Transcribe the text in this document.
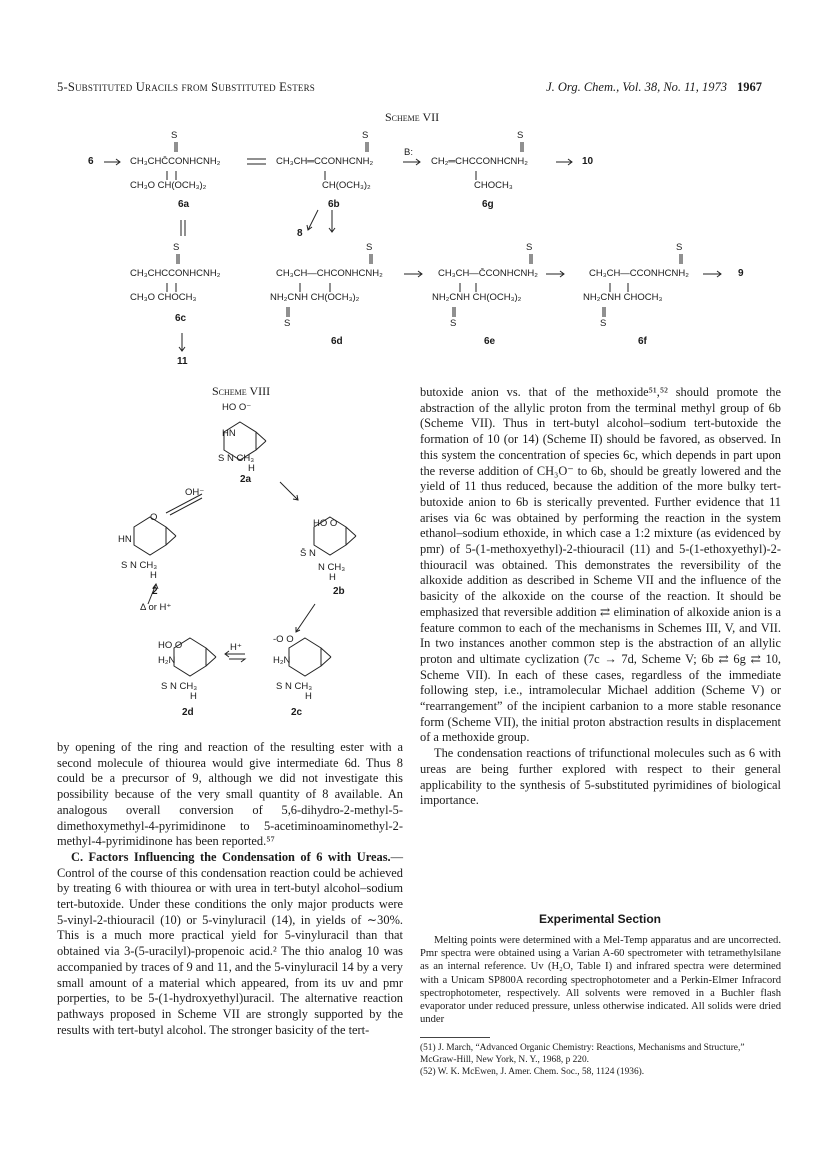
5-Substituted Uracils from Substituted Esters	J. Org. Chem., Vol. 38, No. 11, 1973 1967
Scheme VII
6
S	S	S
S	S	S	S
S	S	S
CH₃CHC̄CONHCNH₂
CH₃O CH(OCH₃)₂
6a
CH₃CH═CCONHCNH₂
CH(OCH₃)₂
6b
B:
CH₂═CHCCONHCNH₂
CHOCH₃
6g
10
8
CH₃CHCCONHCNH₂
CH₃O CHOCH₃
6c
11
CH₃CH—CHCONHCNH₂
NH₂CNH CH(OCH₃)₂
6d
CH₃CH—C̄CONHCNH₂
NH₂CNH CH(OCH₃)₂
6e
CH₃CH—CCONHCNH₂
NH₂CNH CHOCH₃
6f
9
Scheme VIII
HO O⁻
HN
S N CH₃
H
2a
OH⁻
O
HN
S N CH₃
H
2
HO O
S̄ N
N CH₃
H
2b
Δ or H⁺
HO O
H₂N
S N CH₃
H
2d
H⁺
-O O
H₂N
S N CH₃
H
2c

by opening of the ring and reaction of the resulting ester with a second molecule of thiourea would give intermediate 6d. Thus 8 could be a precursor of 9, although we did not investigate this possibility because of the very small quantity of 8 available. An analogous overall conversion of 5,6-dihydro-2-methyl-5-dimethoxymethyl-4-pyrimidinone to 5-acetiminoaminomethyl-2-methyl-4-pyrimidinone has been reported.⁵⁷

C. Factors Influencing the Condensation of 6 with Ureas.—Control of the course of this condensation reaction could be achieved by treating 6 with thiourea or with urea in tert-butyl alcohol–sodium tert-butoxide. Under these conditions the only major products were 5-vinyl-2-thiouracil (10) or 5-vinyluracil (14), in yields of ∼30%. This is a much more practical yield for 5-vinyluracil than that obtained via 3-(5-uracilyl)-propenoic acid.² The thio analog 10 was accompanied by traces of 9 and 11, and the 5-vinyluracil 14 by a very small amount of a material which appeared, from its uv and pmr porperties, to be 5-(1-hydroxyethyl)uracil. The alternative reaction pathways proposed in Scheme VII are strongly supported by the results with tert-butyl alcohol. The stronger basicity of the tert-

butoxide anion vs. that of the methoxide⁵¹,⁵² should promote the abstraction of the allylic proton from the terminal methyl group of 6b (Scheme VII). Thus in tert-butyl alcohol–sodium tert-butoxide the formation of 10 (or 14) (Scheme II) should be favored, as observed. In this system the concentration of species 6c, which depends in part upon the reverse addition of CH₃O⁻ to 6b, should be greatly lowered and the yield of 11 thus reduced, because the addition of the more bulky tert-butoxide anion to 6b is sterically prevented. Further evidence that 11 arises via 6c was obtained by performing the reaction in the system ethanol–sodium ethoxide, in which case a 1:2 mixture (as evidenced by pmr) of 5-(1-methoxyethyl)-2-thiouracil (11) and 5-(1-ethoxyethyl)-2-thiouracil was obtained. This demonstrates the reversibility of the alkoxide addition as described in Scheme VII and the influence of the basicity of the alkoxide on the course of the reaction. It should be emphasized that reversible addition ⇄ elimination of alkoxide anion is a feature common to each of the mechanisms in Schemes III, V, and VII. In two instances another common step is the abstraction of an allylic proton and ultimate cyclization (7c → 7d, Scheme V; 6b ⇄ 6g ⇄ 10, Scheme VII). In each of these cases, regardless of the immediate following step, i.e., intramolecular Michael addition (Scheme V) or “rearrangement” of the incipient carbanion to a more stable resonance form (Scheme VII), the initial proton abstraction results in displacement of a methoxide group.

The condensation reactions of trifunctional molecules such as 6 with ureas are being further explored with respect to their general applicability to the synthesis of 5-substituted pyrimidines of biological importance.

Experimental Section

Melting points were determined with a Mel-Temp apparatus and are uncorrected. Pmr spectra were obtained using a Varian A-60 spectrometer with tetramethylsilane as an internal reference. Uv (H₂O, Table I) and infrared spectra were determined with a Unicam SP800A recording spectrophotometer and a Perkin-Elmer Infracord spectrophotometer, respectively. All solvents were removed in a Buchler flash evaporator under reduced pressure, unless otherwise indicated. All solids were dried under

(51) J. March, “Advanced Organic Chemistry: Reactions, Mechanisms and Structure,” McGraw-Hill, New York, N. Y., 1968, p 220.
(52) W. K. McEwen, J. Amer. Chem. Soc., 58, 1124 (1936).
